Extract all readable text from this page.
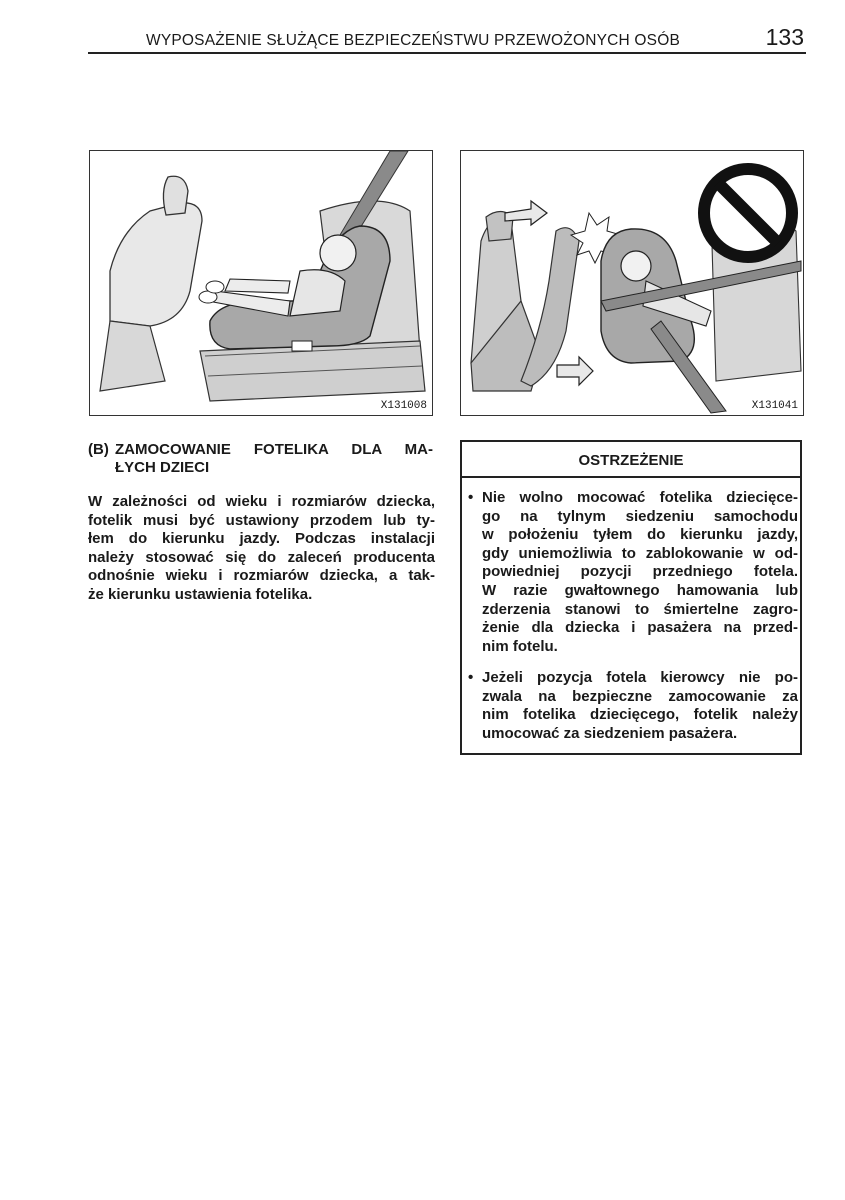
WYPOSAŻENIE SŁUŻĄCE BEZPIECZEŃSTWU PRZEWOŻONYCH OSÓB	133
X131008	X131041
(B) ZAMOCOWANIE FOTELIKA DLA MA-
ŁYCH DZIECI
W zależności od wieku i rozmiarów dziecka,
fotelik musi być ustawiony przodem lub ty-
łem do kierunku jazdy. Podczas instalacji
należy stosować się do zaleceń producenta
odnośnie wieku i rozmiarów dziecka, a tak-
że kierunku ustawienia fotelika.
OSTRZEŻENIE
• Nie wolno mocować fotelika dziecięce-
go na tylnym siedzeniu samochodu
w położeniu tyłem do kierunku jazdy,
gdy uniemożliwia to zablokowanie w od-
powiedniej pozycji przedniego fotela.
W razie gwałtownego hamowania lub
zderzenia stanowi to śmiertelne zagro-
żenie dla dziecka i pasażera na przed-
nim fotelu.
• Jeżeli pozycja fotela kierowcy nie po-
zwala na bezpieczne zamocowanie za
nim fotelika dziecięcego, fotelik należy
umocować za siedzeniem pasażera.
